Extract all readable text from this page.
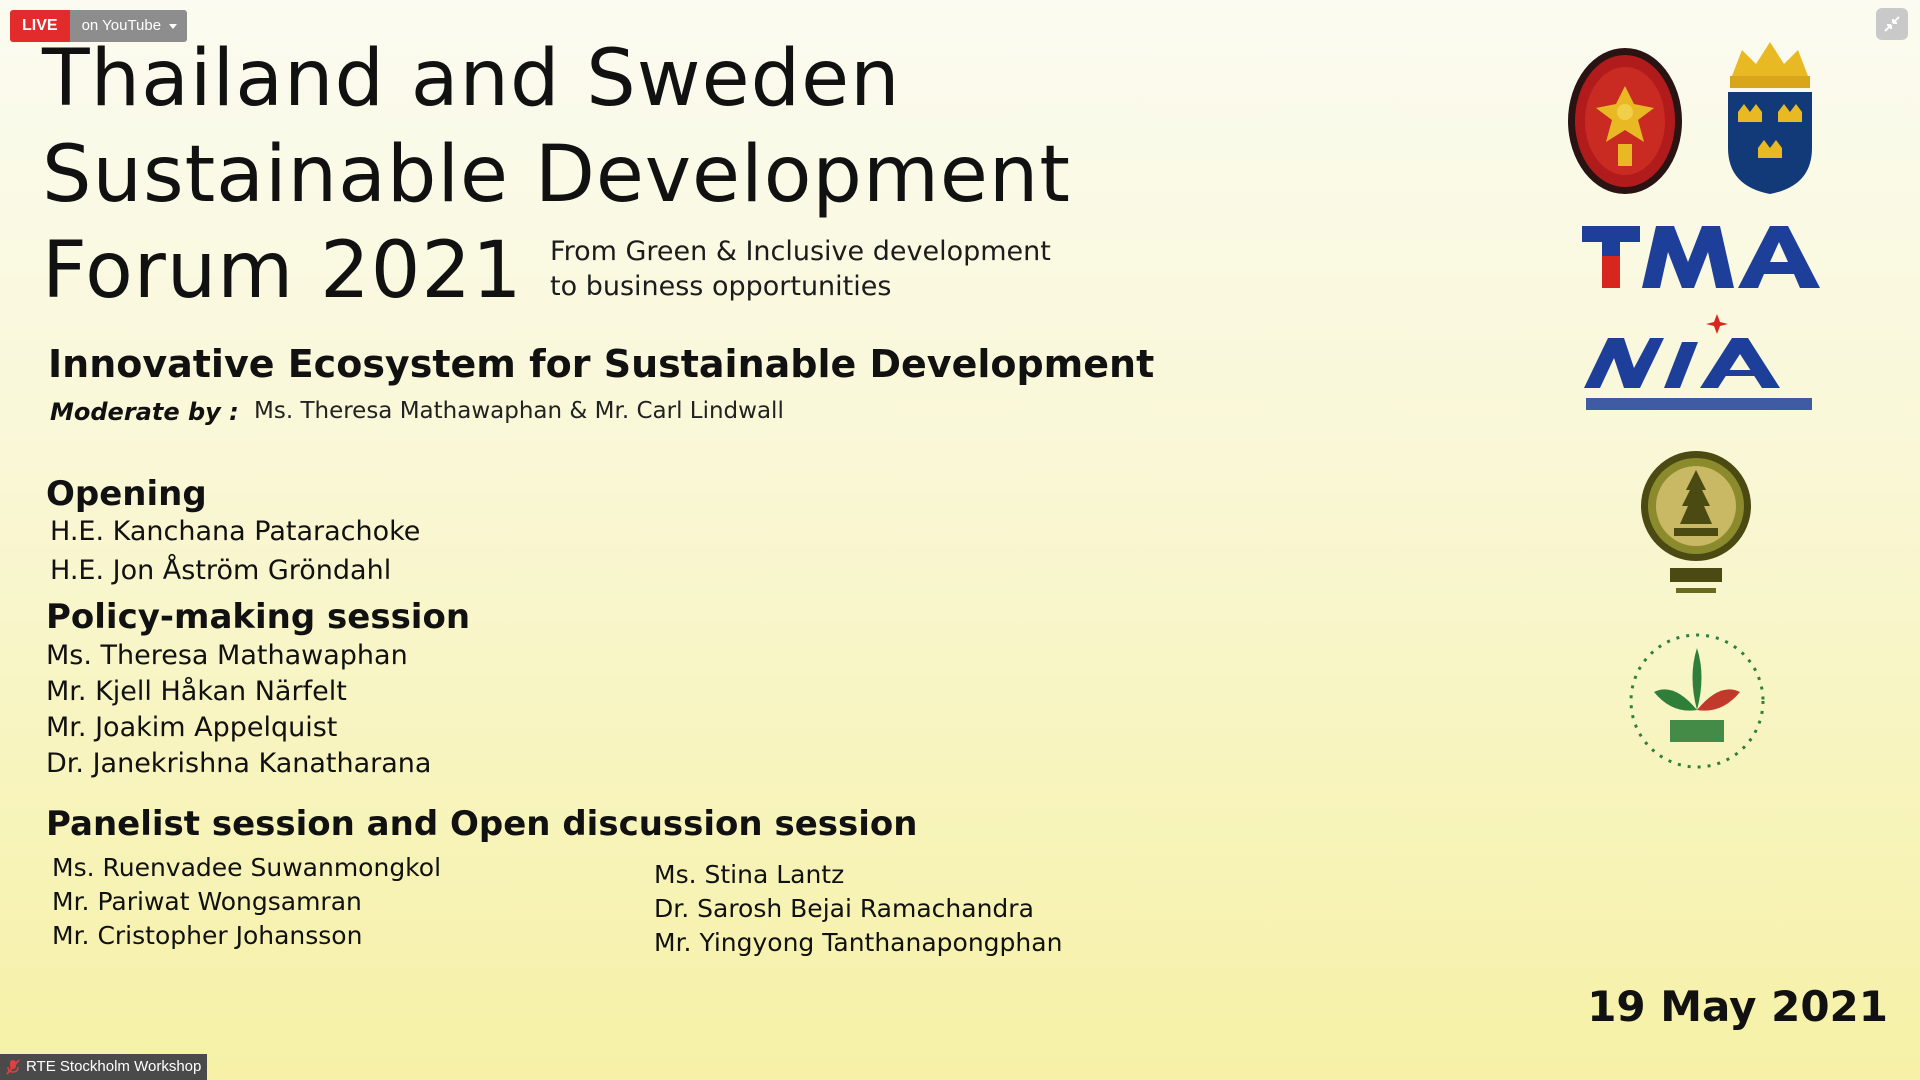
LIVE	on YouTube
Thailand and Sweden
Sustainable Development
Forum 2021 From Green & Inclusive development
to business opportunities
Innovative Ecosystem for Sustainable Development
Moderate by : Ms. Theresa Mathawaphan & Mr. Carl Lindwall
Opening
H.E. Kanchana Patarachoke
H.E. Jon Åström Gröndahl
Policy-making session
Ms. Theresa Mathawaphan
Mr. Kjell Håkan Närfelt
Mr. Joakim Appelquist
Dr. Janekrishna Kanatharana
Panelist session and Open discussion session
Ms. Ruenvadee Suwanmongkol
Mr. Pariwat Wongsamran
Mr. Cristopher Johansson
Ms. Stina Lantz
Dr. Sarosh Bejai Ramachandra
Mr. Yingyong Tanthanapongphan
19 May 2021
RTE Stockholm Workshop
